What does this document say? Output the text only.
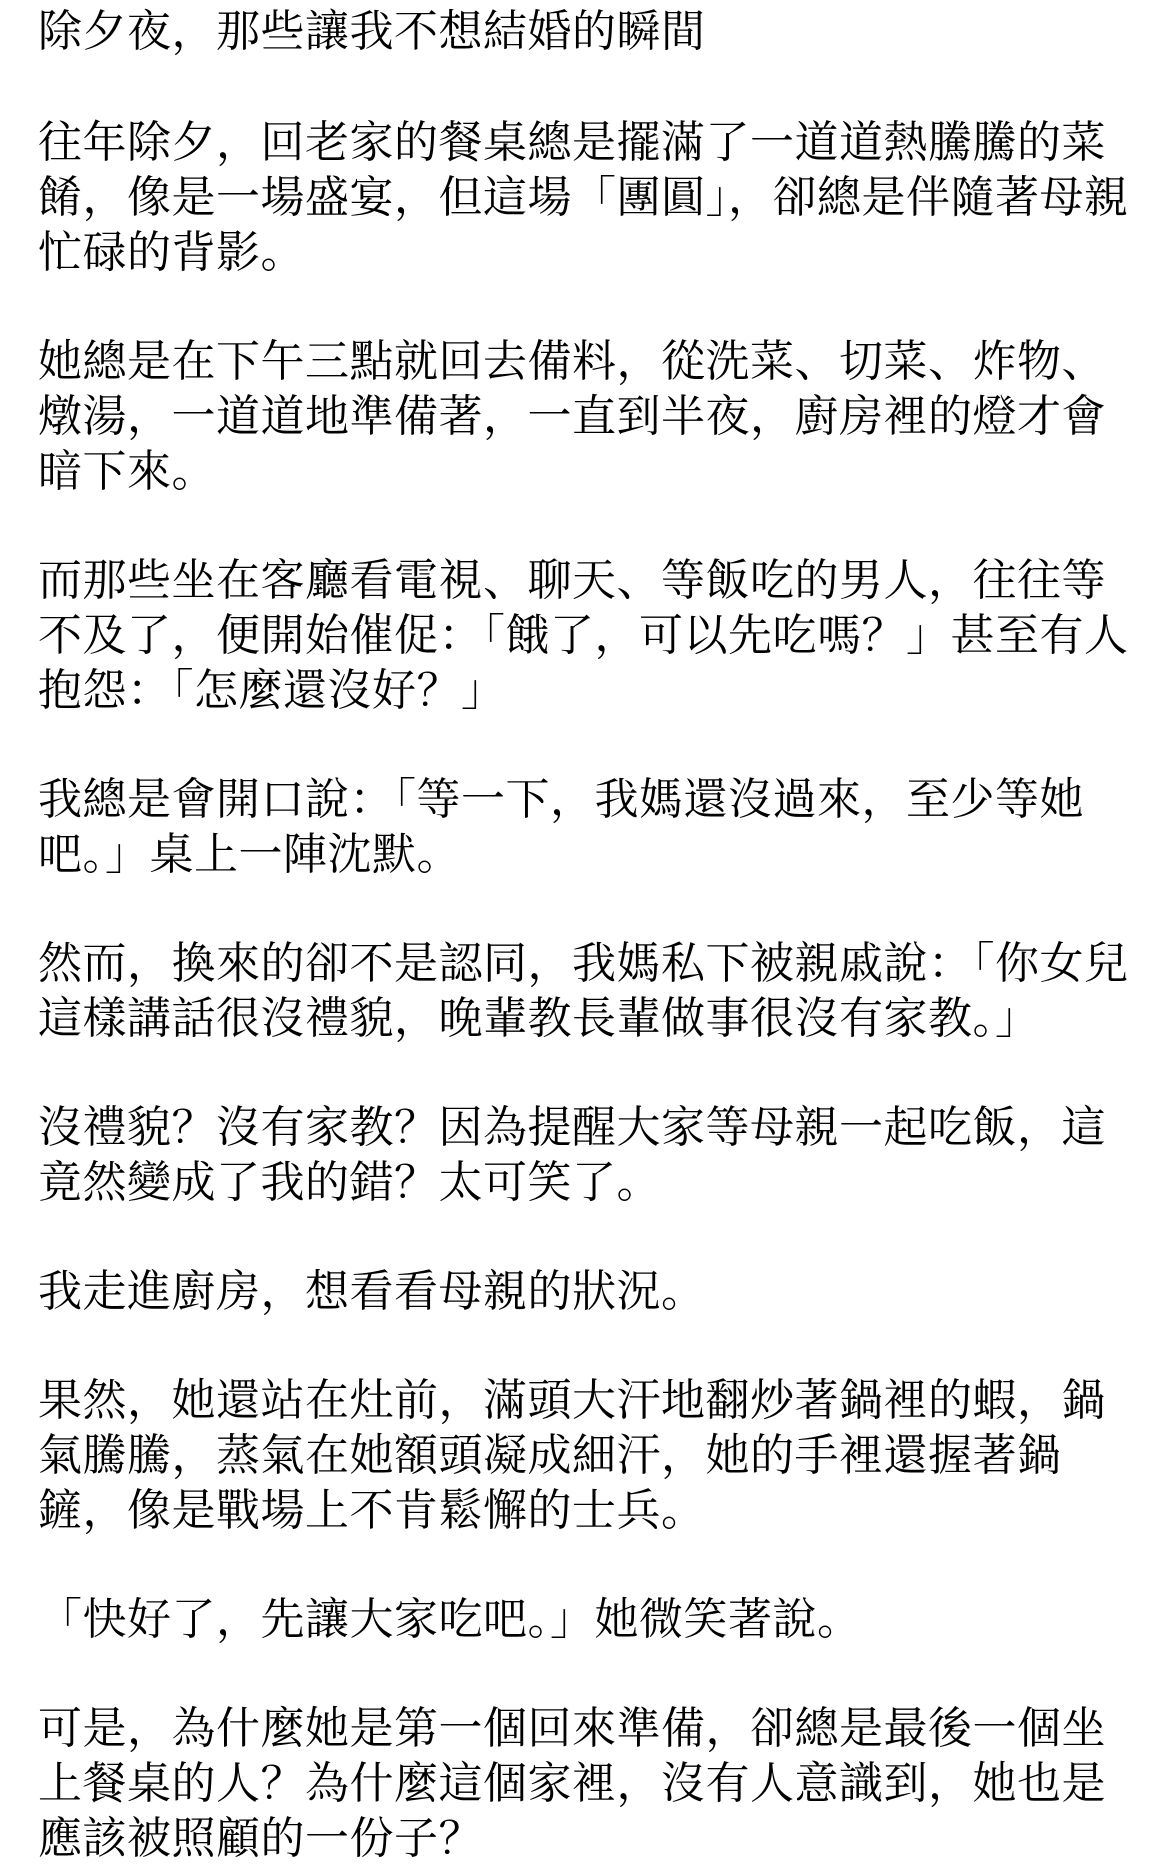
除夕夜，那些讓我不想結婚的瞬間

往年除夕，回老家的餐桌總是擺滿了一道道熱騰騰的菜餚，像是一場盛宴，但這場「團圓」，卻總是伴隨著母親忙碌的背影。

她總是在下午三點就回去備料，從洗菜、切菜、炸物、燉湯，一道道地準備著，一直到半夜，廚房裡的燈才會暗下來。

而那些坐在客廳看電視、聊天、等飯吃的男人，往往等不及了，便開始催促：「餓了，可以先吃嗎？」甚至有人抱怨：「怎麼還沒好？」

我總是會開口說：「等一下，我媽還沒過來，至少等她吧。」桌上一陣沈默。

然而，換來的卻不是認同，我媽私下被親戚說：「你女兒這樣講話很沒禮貌，晚輩教長輩做事很沒有家教。」

沒禮貌？沒有家教？因為提醒大家等母親一起吃飯，這竟然變成了我的錯？太可笑了。

我走進廚房，想看看母親的狀況。

果然，她還站在灶前，滿頭大汗地翻炒著鍋裡的蝦，鍋氣騰騰，蒸氣在她額頭凝成細汗，她的手裡還握著鍋鏟，像是戰場上不肯鬆懈的士兵。

「快好了，先讓大家吃吧。」她微笑著說。

可是，為什麼她是第一個回來準備，卻總是最後一個坐上餐桌的人？為什麼這個家裡，沒有人意識到，她也是應該被照顧的一份子？
